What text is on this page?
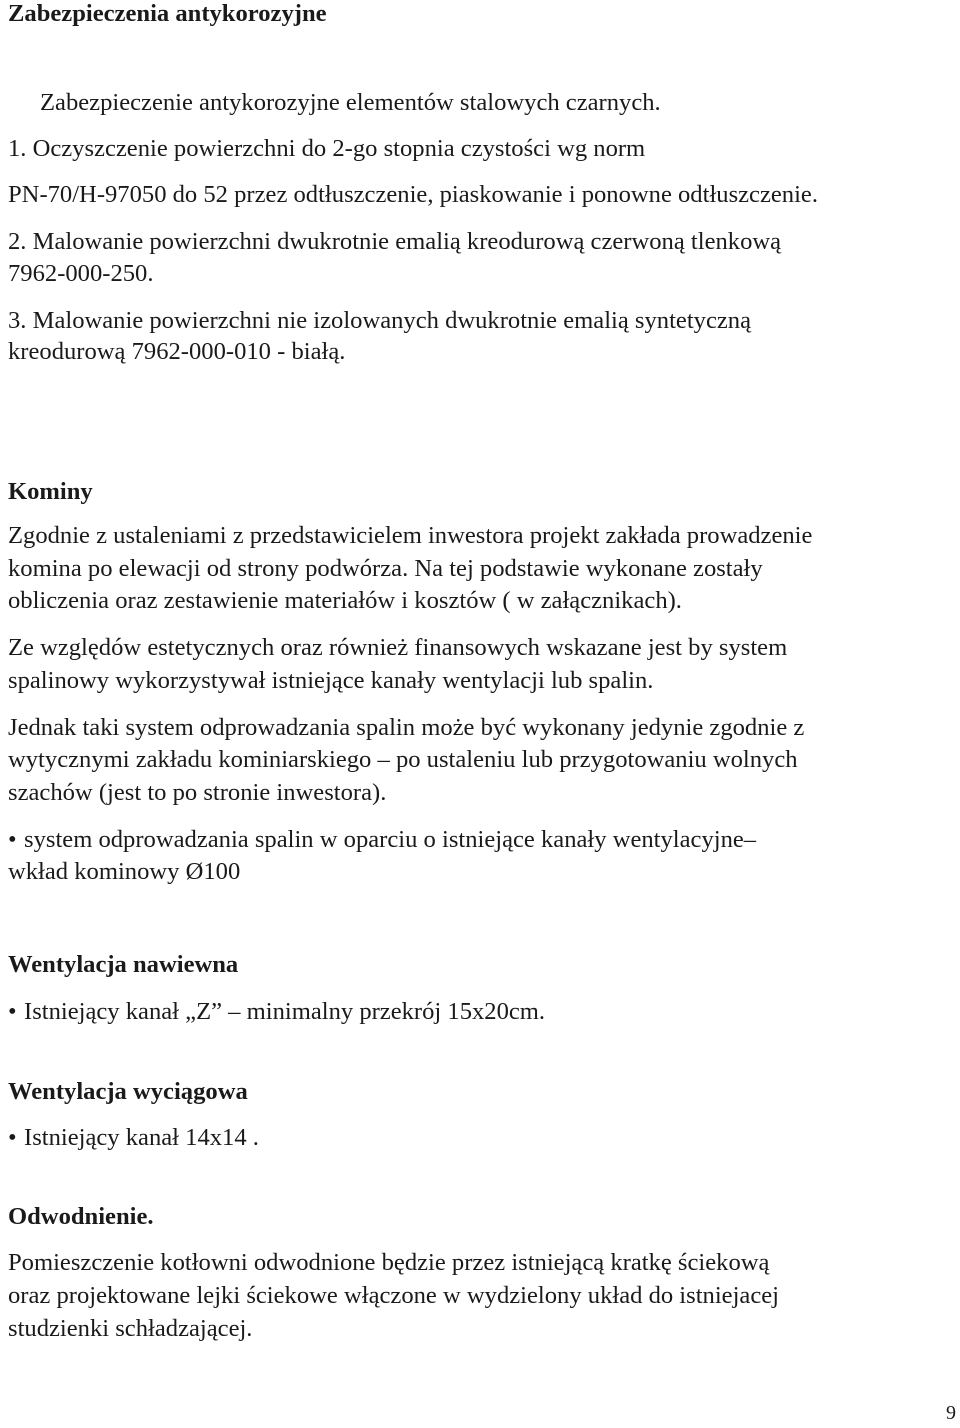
Zabezpieczenia antykorozyjne
Zabezpieczenie antykorozyjne elementów stalowych czarnych.
1. Oczyszczenie powierzchni do 2-go stopnia czystości wg norm
PN-70/H-97050 do 52 przez odtłuszczenie, piaskowanie i ponowne odtłuszczenie.
2. Malowanie powierzchni dwukrotnie emalią kreodurową czerwoną tlenkową
7962-000-250.
3. Malowanie powierzchni nie izolowanych dwukrotnie emalią syntetyczną
kreodurową 7962-000-010 - białą.
Kominy
Zgodnie z ustaleniami z przedstawicielem inwestora projekt zakłada prowadzenie
komina po elewacji od strony podwórza. Na tej podstawie wykonane zostały
obliczenia oraz zestawienie materiałów i kosztów ( w załącznikach).
Ze względów estetycznych oraz również finansowych wskazane jest by system
spalinowy wykorzystywał istniejące kanały wentylacji lub spalin.
Jednak taki system odprowadzania spalin może być wykonany jedynie zgodnie z
wytycznymi zakładu kominiarskiego – po ustaleniu lub przygotowaniu wolnych
szachów (jest to po stronie inwestora).
• system odprowadzania spalin w oparciu o istniejące kanały wentylacyjne–
wkład kominowy Ø100
Wentylacja nawiewna
• Istniejący kanał „Z” – minimalny przekrój 15x20cm.
Wentylacja wyciągowa
• Istniejący kanał 14x14 .
Odwodnienie.
Pomieszczenie kotłowni odwodnione będzie przez istniejącą kratkę ściekową
oraz projektowane lejki ściekowe włączone w wydzielony układ do istniejacej
studzienki schładzającej.
9
